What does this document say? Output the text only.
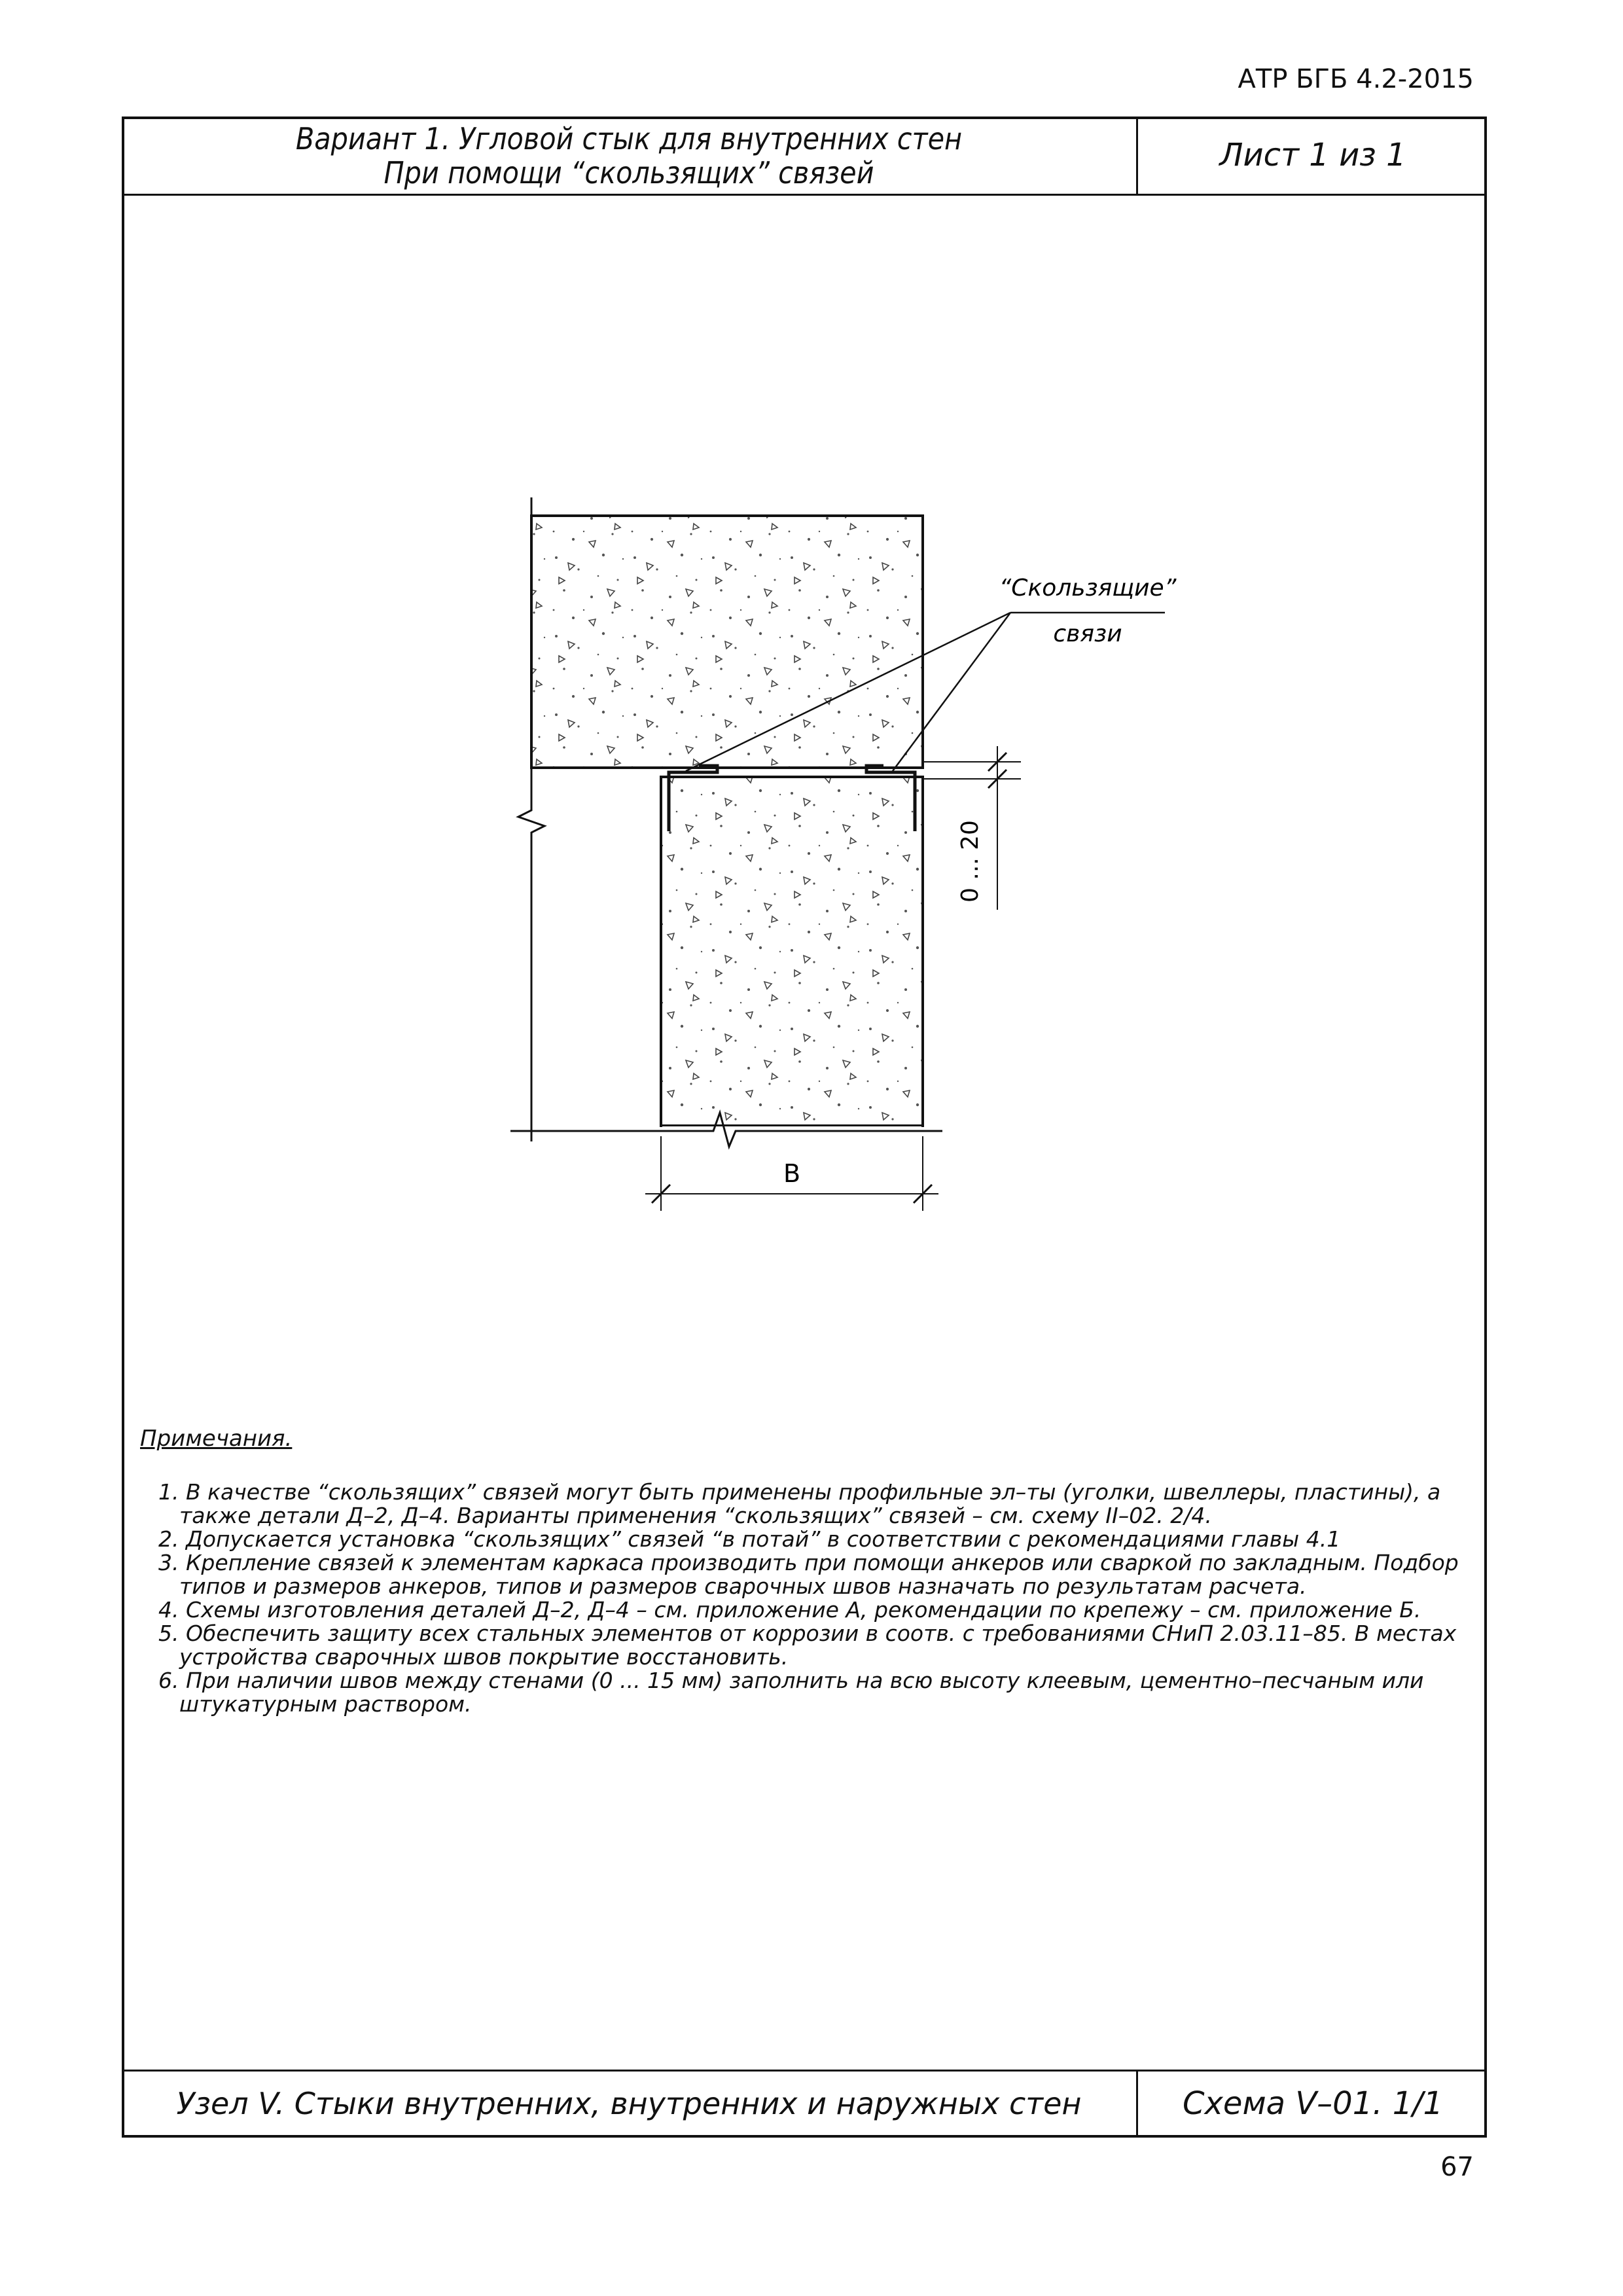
АТР БГБ 4.2-2015
Вариант 1. Угловой стык для внутренних стен
При помощи “скользящих” связей	Лист 1 из 1
“Скользящие”
связи
0 ... 20
В
Примечания.

1. В качестве “скользящих” связей могут быть применены профильные эл–ты (уголки, швеллеры, пластины), а также детали Д–2, Д–4. Варианты применения “скользящих” связей – см. схему II–02. 2/4.

2. Допускается установка “скользящих” связей “в потай” в соответствии с рекомендациями главы 4.1

3. Крепление связей к элементам каркаса производить при помощи анкеров или сваркой по закладным. Подбор типов и размеров анкеров, типов и размеров сварочных швов назначать по результатам расчета.

4. Схемы изготовления деталей Д–2, Д–4 – см. приложение А, рекомендации по крепежу – см. приложение Б.

5. Обеспечить защиту всех стальных элементов от коррозии в соотв. с требованиями СНиП 2.03.11–85. В местах устройства сварочных швов покрытие восстановить.

6. При наличии швов между стенами (0 ... 15 мм) заполнить на всю высоту клеевым, цементно–песчаным или штукатурным раствором.

Узел V. Стыки внутренних, внутренних и наружных стен	Схема V–01. 1/1
67
